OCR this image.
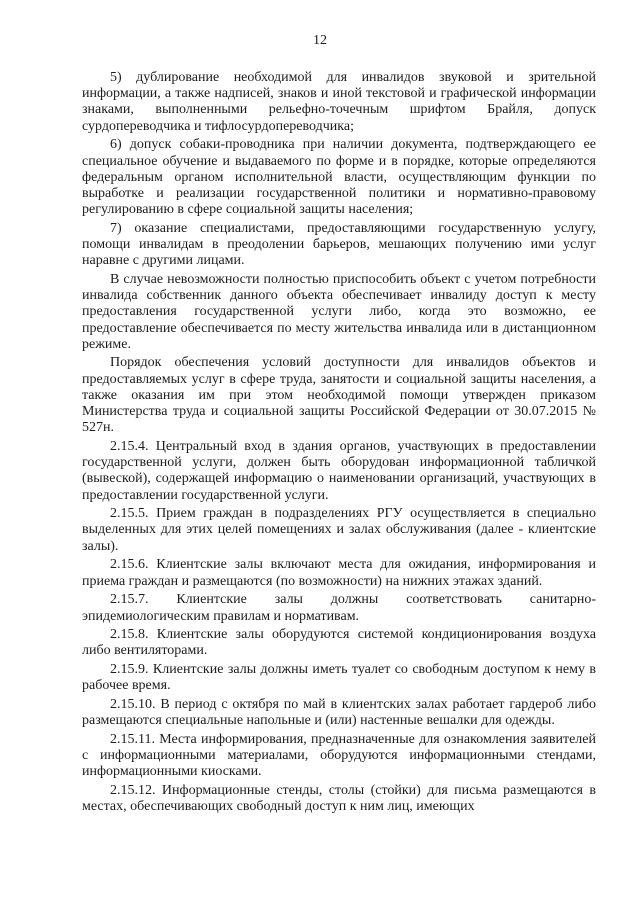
12

5) дублирование необходимой для инвалидов звуковой и зрительной информации, а также надписей, знаков и иной текстовой и графической информации знаками, выполненными рельефно-точечным шрифтом Брайля, допуск сурдопереводчика и тифлосурдопереводчика;

6) допуск собаки-проводника при наличии документа, подтверждающего ее специальное обучение и выдаваемого по форме и в порядке, которые определяются федеральным органом исполнительной власти, осуществляющим функции по выработке и реализации государственной политики и нормативно-правовому регулированию в сфере социальной защиты населения;

7) оказание специалистами, предоставляющими государственную услугу, помощи инвалидам в преодолении барьеров, мешающих получению ими услуг наравне с другими лицами.

В случае невозможности полностью приспособить объект с учетом потребности инвалида собственник данного объекта обеспечивает инвалиду доступ к месту предоставления государственной услуги либо, когда это возможно, ее предоставление обеспечивается по месту жительства инвалида или в дистанционном режиме.

Порядок обеспечения условий доступности для инвалидов объектов и предоставляемых услуг в сфере труда, занятости и социальной защиты населения, а также оказания им при этом необходимой помощи утвержден приказом Министерства труда и социальной защиты Российской Федерации от 30.07.2015 № 527н.

2.15.4. Центральный вход в здания органов, участвующих в предоставлении государственной услуги, должен быть оборудован информационной табличкой (вывеской), содержащей информацию о наименовании организаций, участвующих в предоставлении государственной услуги.

2.15.5. Прием граждан в подразделениях РГУ осуществляется в специально выделенных для этих целей помещениях и залах обслуживания (далее - клиентские залы).

2.15.6. Клиентские залы включают места для ожидания, информирования и приема граждан и размещаются (по возможности) на нижних этажах зданий.

2.15.7. Клиентские залы должны соответствовать санитарно-эпидемиологическим правилам и нормативам.

2.15.8. Клиентские залы оборудуются системой кондиционирования воздуха либо вентиляторами.

2.15.9. Клиентские залы должны иметь туалет со свободным доступом к нему в рабочее время.

2.15.10. В период с октября по май в клиентских залах работает гардероб либо размещаются специальные напольные и (или) настенные вешалки для одежды.

2.15.11. Места информирования, предназначенные для ознакомления заявителей с информационными материалами, оборудуются информационными стендами, информационными киосками.

2.15.12. Информационные стенды, столы (стойки) для письма размещаются в местах, обеспечивающих свободный доступ к ним лиц, имеющих
